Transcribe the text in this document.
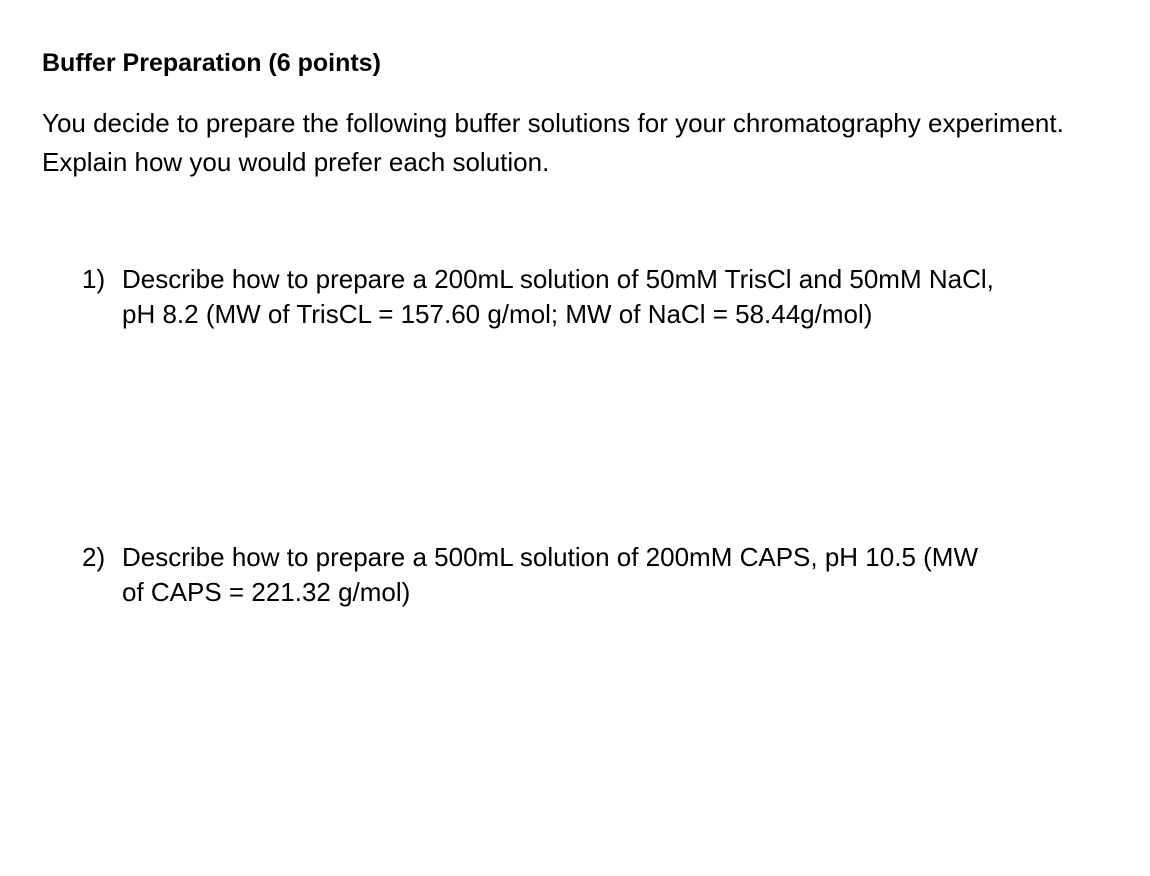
Buffer Preparation (6 points)

You decide to prepare the following buffer solutions for your chromatography experiment. Explain how you would prefer each solution.

1) Describe how to prepare a 200mL solution of 50mM TrisCl and 50mM NaCl,
pH 8.2 (MW of TrisCL = 157.60 g/mol; MW of NaCl = 58.44g/mol)
2) Describe how to prepare a 500mL solution of 200mM CAPS, pH 10.5 (MW
of CAPS = 221.32 g/mol)
